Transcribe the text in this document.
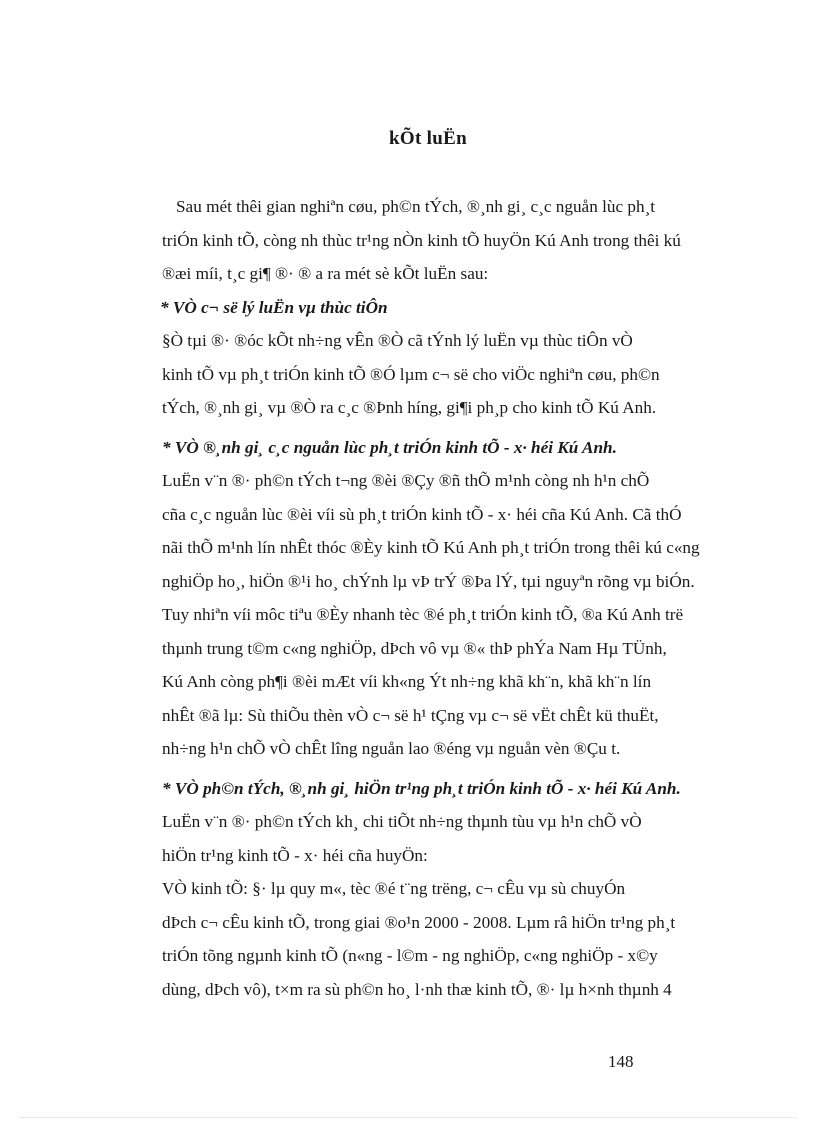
kÕt luËn

Sau mét thêi gian nghiªn cøu, ph©n tÝch, ®¸nh gi¸ c¸c nguån lùc ph¸t

triÓn kinh tÕ, còng nh thùc tr¹ng nÒn kinh tÕ huyÖn Kú Anh trong thêi kú

®æi míi, t¸c gi¶ ®· ® a ra mét sè kÕt luËn sau:

* VÒ c¬ së lý luËn vµ thùc tiÔn

§Ò tµi ®· ®óc kÕt nh÷ng vÊn ®Ò cã tÝnh lý luËn vµ thùc tiÔn vÒ

kinh tÕ vµ ph¸t triÓn kinh tÕ ®Ó lµm c¬ së cho viÖc nghiªn cøu, ph©n

tÝch, ®¸nh gi¸ vµ ®Ò ra c¸c ®Þnh híng, gi¶i ph¸p cho kinh tÕ Kú Anh.

* VÒ ®¸nh gi¸ c¸c nguån lùc ph¸t triÓn kinh tÕ - x· héi Kú Anh.

LuËn v¨n ®· ph©n tÝch t¬ng ®èi ®Çy ®ñ thÕ m¹nh còng nh h¹n chÕ

cña c¸c nguån lùc ®èi víi sù ph¸t triÓn kinh tÕ - x· héi cña Kú Anh. Cã thÓ

nãi thÕ m¹nh lín nhÊt thóc ®Èy kinh tÕ Kú Anh ph¸t triÓn trong thêi kú c«ng

nghiÖp ho¸, hiÖn ®¹i ho¸ chÝnh lµ vÞ trÝ ®Þa lÝ, tµi nguyªn rõng vµ biÓn.

Tuy nhiªn víi môc tiªu ®Èy nhanh tèc ®é ph¸t triÓn kinh tÕ, ®a Kú Anh trë

thµnh trung t©m c«ng nghiÖp, dÞch vô vµ ®« thÞ phÝa Nam Hµ TÜnh,

Kú Anh còng ph¶i ®èi mÆt víi kh«ng Ýt nh÷ng khã kh¨n, khã kh¨n lín

nhÊt ®ã lµ: Sù thiÕu thèn vÒ c¬ së h¹ tÇng vµ c¬ së vËt chÊt kü thuËt,

nh÷ng h¹n chÕ vÒ chÊt lîng nguån lao ®éng vµ nguån vèn ®Çu t.

* VÒ ph©n tÝch, ®¸nh gi¸ hiÖn tr¹ng ph¸t triÓn kinh tÕ - x· héi Kú Anh.

LuËn v¨n ®· ph©n tÝch kh¸ chi tiÕt nh÷ng thµnh tùu vµ h¹n chÕ vÒ

hiÖn tr¹ng kinh tÕ - x· héi cña huyÖn:

VÒ kinh tÕ: §· lµ quy m«, tèc ®é t¨ng trëng, c¬ cÊu vµ sù chuyÓn

dÞch c¬ cÊu kinh tÕ, trong giai ®o¹n 2000 - 2008. Lµm râ hiÖn tr¹ng ph¸t

triÓn tõng ngµnh kinh tÕ (n«ng - l©m - ng nghiÖp, c«ng nghiÖp - x©y

dùng, dÞch vô), t×m ra sù ph©n ho¸ l·nh thæ kinh tÕ, ®· lµ h×nh thµnh 4

148
